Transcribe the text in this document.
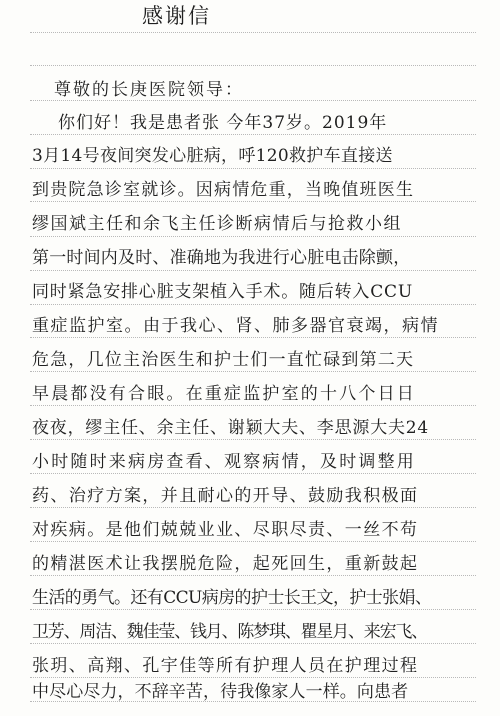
感谢信
尊敬的长庚医院领导：
你们好！我是患者张 今年37岁。2019年
3月14号夜间突发心脏病，呼120救护车直接送
到贵院急诊室就诊。因病情危重，当晚值班医生
缪国斌主任和余飞主任诊断病情后与抢救小组
第一时间内及时、准确地为我进行心脏电击除颤，
同时紧急安排心脏支架植入手术。随后转入CCU
重症监护室。由于我心、肾、肺多器官衰竭，病情
危急，几位主治医生和护士们一直忙碌到第二天
早晨都没有合眼。在重症监护室的十八个日日
夜夜，缪主任、余主任、谢颖大夫、李思源大夫24
小时随时来病房查看、观察病情，及时调整用
药、治疗方案，并且耐心的开导、鼓励我积极面
对疾病。是他们兢兢业业、尽职尽责、一丝不苟
的精湛医术让我摆脱危险，起死回生，重新鼓起
生活的勇气。还有CCU病房的护士长王文，护士张娟、
卫芳、周洁、魏佳莹、钱月、陈梦琪、瞿星月、来宏飞、
张玥、高翔、孔宇佳等所有护理人员在护理过程
中尽心尽力，不辞辛苦，待我像家人一样。向患者
